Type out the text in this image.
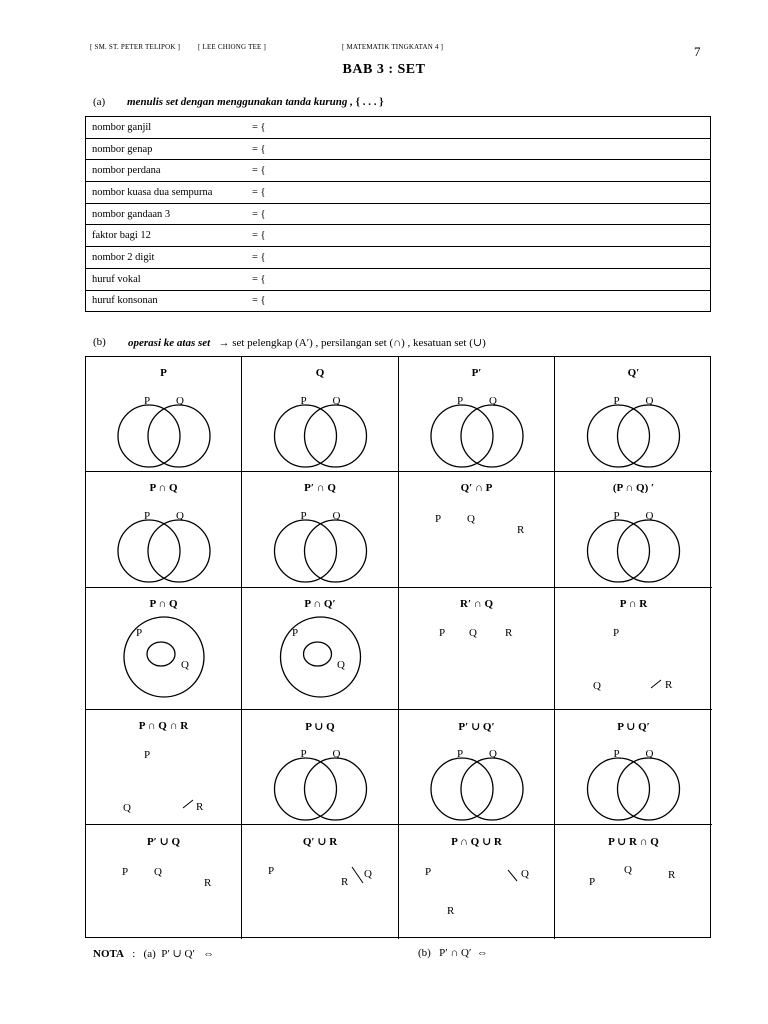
[ SM. ST. PETER TELIPOK ]	[ LEE CHIONG TEE ]	[ MATEMATIK TINGKATAN 4 ]	7
BAB 3 : SET
(a) menulis set dengan menggunakan tanda kurung , { . . . }
nombor ganjil	= {
nombor genap	= {
nombor perdana	= {
nombor kuasa dua sempurna	= {
nombor gandaan 3	= {
faktor bagi 12	= {
nombor 2 digit	= {
huruf vokal	= {
huruf konsonan	= {
(b) operasi ke atas set → set pelengkap (A′) , persilangan set (∩) , kesatuan set (∪)
P
P Q
Q
P Q
P′
P Q
Q′
P Q
P ∩ Q
P Q
P′ ∩ Q
P Q
Q′ ∩ P
P Q
R
(P ∩ Q) ′
P Q
P ∩ Q
P
Q
P ∩ Q′
P
Q
R′ ∩ Q
P Q	R
P ∩ R
P
Q	R
P ∩ Q ∩ R
P
Q	R
P ∪ Q
P Q
P′ ∪ Q′
P Q
P ∪ Q′
P Q
P′ ∪ Q
P Q
R
Q′ ∪ R
P
R
Q
P ∩ Q ∪ R
P	Q
R
P ∪ R ∩ Q
P
Q	R
NOTA : (a) P′ ∪ Q′ ⇔	(b) P′ ∩ Q′ ⇔
